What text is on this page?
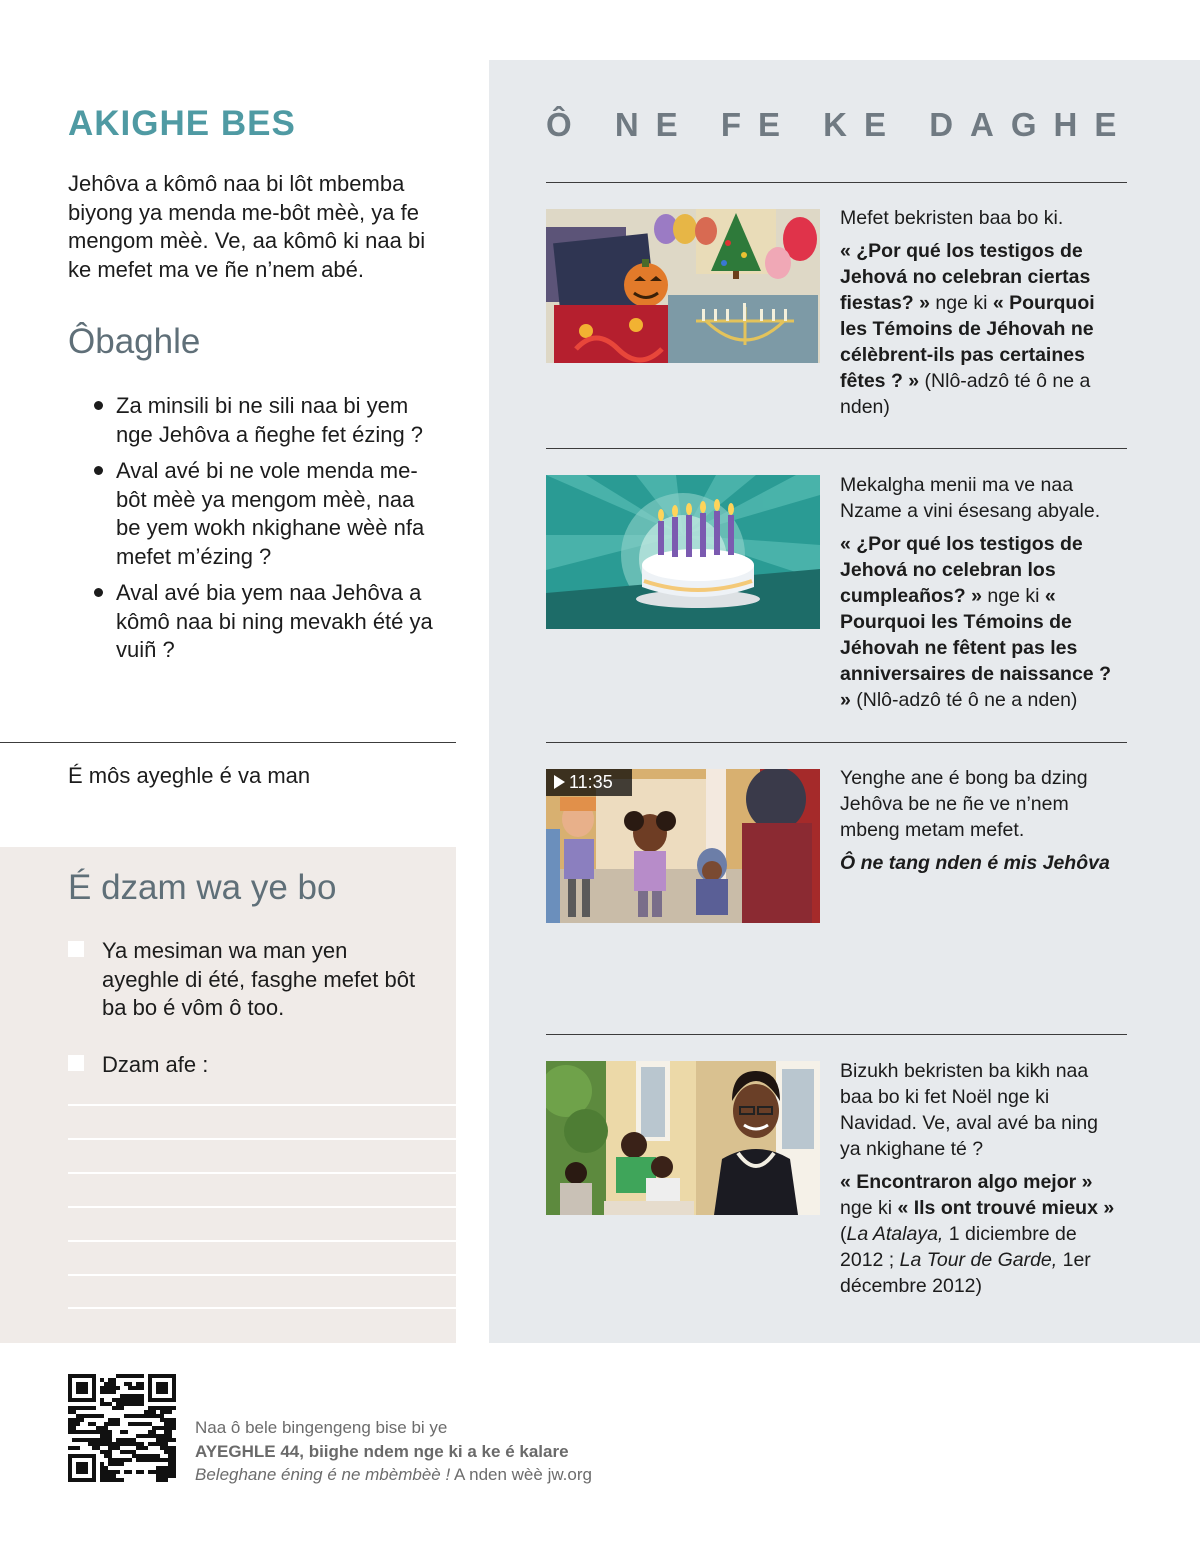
AKIGHE BES
Jehôva a kômô naa bi lôt mbemba biyong ya menda me-bôt mèè, ya fe mengom mèè. Ve, aa kômô ki naa bi ke mefet ma ve ñe n’nem abé.
Ôbaghle
Za minsili bi ne sili naa bi yem nge Jehôva a ñeghe fet ézing ?
Aval avé bi ne vole menda me-bôt mèè ya mengom mèè, naa be yem wokh nkighane wèè nfa mefet m’ézing ?
Aval avé bia yem naa Jehôva a kômô naa bi ning mevakh été ya vuiñ ?
É môs ayeghle é va man
É dzam wa ye bo
Ya mesiman wa man yen ayeghle di été, fasghe mefet bôt ba bo é vôm ô too.
Dzam afe :
Ô NE FE KE DAGHE

Mefet bekristen baa bo ki.

« ¿Por qué los testigos de Jehová no celebran ciertas fiestas? » nge ki « Pourquoi les Témoins de Jéhovah ne célèbrent-ils pas certaines fêtes ? » (Nlô-adzô té ô ne a nden)

Mekalgha menii ma ve naa Nzame a vini ésesang abyale.

« ¿Por qué los testigos de Jehová no celebran los cumpleaños? » nge ki « Pourquoi les Témoins de Jéhovah ne fêtent pas les anniversaires de naissance ? » (Nlô-adzô té ô ne a nden)

11:35	Yenghe ane é bong ba dzing Jehôva be ne ñe ve n’nem mbeng metam mefet.

Ô ne tang nden é mis Jehôva

Bizukh bekristen ba kikh naa baa bo ki fet Noël nge ki Navidad. Ve, aval avé ba ning ya nkighane té ?

« Encontraron algo mejor » nge ki « Ils ont trouvé mieux » (La Atalaya, 1 diciembre de 2012 ; La Tour de Garde, 1er décembre 2012)

Naa ô bele bingengeng bise bi ye
AYEGHLE 44, biighe ndem nge ki a ke é kalare
Beleghane éning é ne mbèmbèè ! A nden wèè jw.org
